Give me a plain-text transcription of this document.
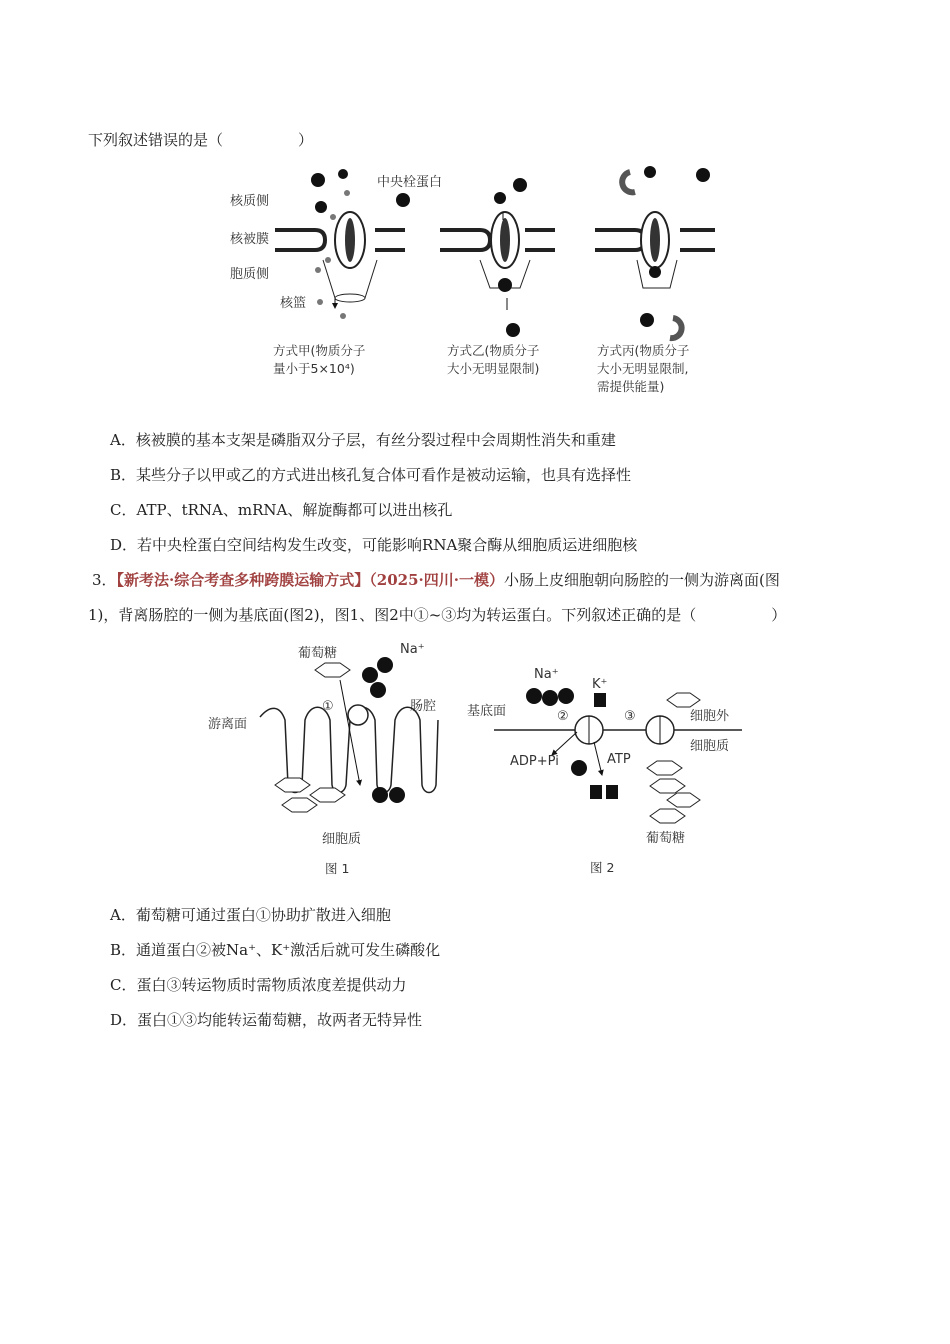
下列叙述错误的是（　　　　　）
核质侧
核被膜
胞质侧
核篮
中央栓蛋白
方式甲(物质分子
量小于5×10⁴)
方式乙(物质分子
大小无明显限制)
方式丙(物质分子
大小无明显限制,
需提供能量)
A．核被膜的基本支架是磷脂双分子层，有丝分裂过程中会周期性消失和重建
B．某些分子以甲或乙的方式进出核孔复合体可看作是被动运输，也具有选择性
C．ATP、tRNA、mRNA、解旋酶都可以进出核孔
D．若中央栓蛋白空间结构发生改变，可能影响RNA聚合酶从细胞质运进细胞核
3．【新考法·综合考查多种跨膜运输方式】（2025·四川·一模）小肠上皮细胞朝向肠腔的一侧为游离面(图
1)，背离肠腔的一侧为基底面(图2)，图1、图2中①~③均为转运蛋白。下列叙述正确的是（　　　　　）
葡萄糖	Na⁺
①	肠腔
游离面
细胞质
图 1
Na⁺
K⁺
基底面	②	③	细胞外
细胞质
ADP+Pi	ATP
葡萄糖
图 2
A．葡萄糖可通过蛋白①协助扩散进入细胞
B．通道蛋白②被Na⁺、K⁺激活后就可发生磷酸化
C．蛋白③转运物质时需物质浓度差提供动力
D．蛋白①③均能转运葡萄糖，故两者无特异性
